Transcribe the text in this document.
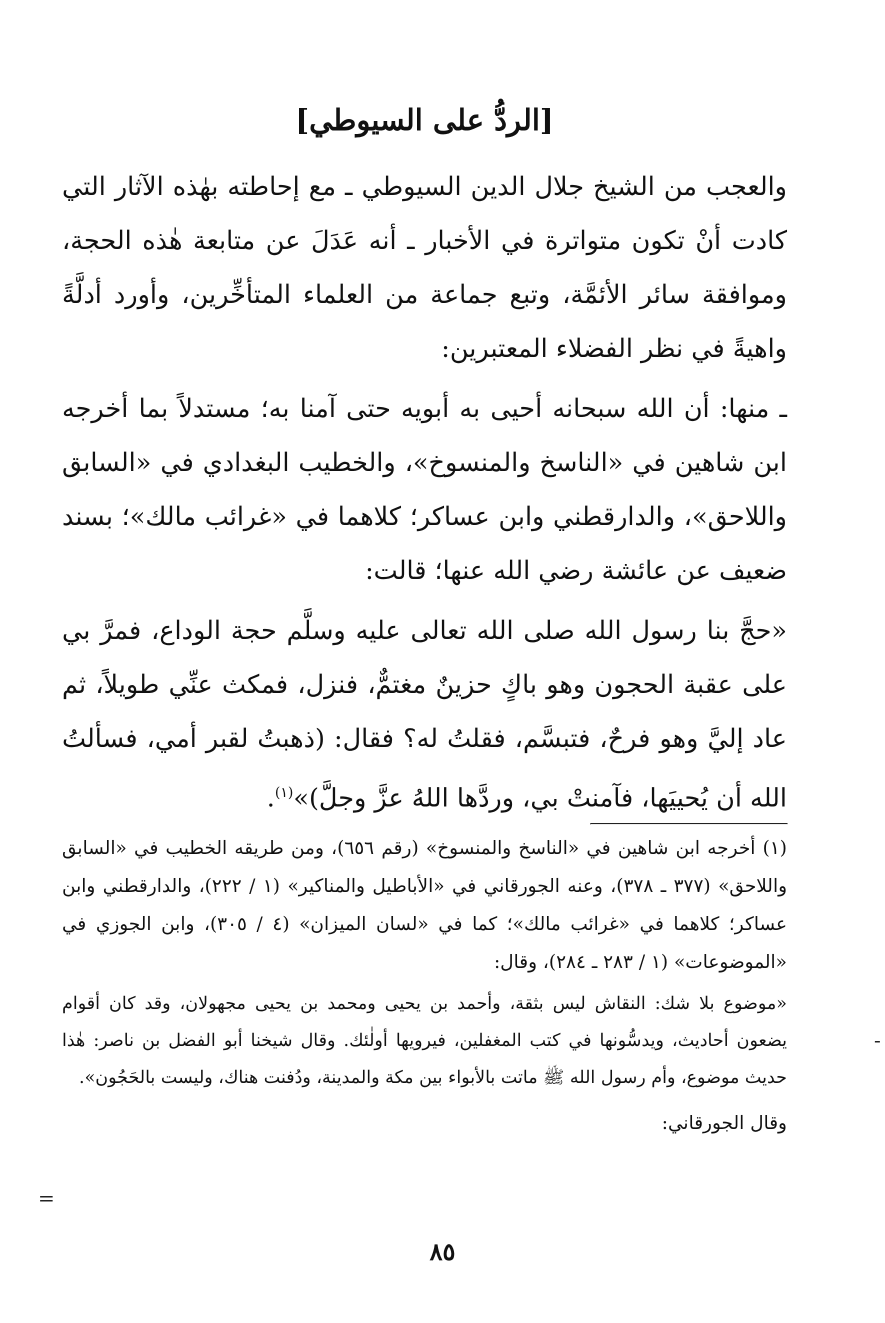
[الردُّ على السيوطي]

والعجب من الشيخ جلال الدين السيوطي ـ مع إحاطته بهٰذه الآثار التي كادت أنْ تكون متواترة في الأخبار ـ أنه عَدَلَ عن متابعة هٰذه الحجة، وموافقة سائر الأئمَّة، وتبع جماعة من العلماء المتأخِّرين، وأورد أدلَّةً واهيةً في نظر الفضلاء المعتبرين:

ـ منها: أن الله سبحانه أحيى به أبويه حتى آمنا به؛ مستدلاً بما أخرجه ابن شاهين في «الناسخ والمنسوخ»، والخطيب البغدادي في «السابق واللاحق»، والدارقطني وابن عساكر؛ كلاهما في «غرائب مالك»؛ بسند ضعيف عن عائشة رضي الله عنها؛ قالت:

«حجَّ بنا رسول الله صلى الله تعالى عليه وسلَّم حجة الوداع، فمرَّ بي على عقبة الحجون وهو باكٍ حزينٌ مغتمٌّ، فنزل، فمكث عنِّي طويلاً، ثم عاد إليَّ وهو فرحٌ، فتبسَّم، فقلتُ له؟ فقال: (ذهبتُ لقبر أمي، فسألتُ الله أن يُحييَها، فآمنتْ بي، وردَّها اللهُ عزَّ وجلَّ)»$^{(١)}$.

(١) أخرجه ابن شاهين في «الناسخ والمنسوخ» (رقم ٦٥٦)، ومن طريقه الخطيب في «السابق واللاحق» (٣٧٧ ـ ٣٧٨)، وعنه الجورقاني في «الأباطيل والمناكير» (١ / ٢٢٢)، والدارقطني وابن عساكر؛ كلاهما في «غرائب مالك»؛ كما في «لسان الميزان» (٤ / ٣٠٥)، وابن الجوزي في «الموضوعات» (١ / ٢٨٣ ـ ٢٨٤)، وقال:

«موضوع بلا شك: النقاش ليس بثقة، وأحمد بن يحيى ومحمد بن يحيى مجهولان، وقد كان أقوام يضعون أحاديث، ويدسُّونها في كتب المغفلين، فيرويها أولٰئك. وقال شيخنا أبو الفضل بن ناصر: هٰذا حديث موضوع، وأم رسول الله ﷺ ماتت بالأبواء بين مكة والمدينة، ودُفنت هناك، وليست بالحَجُون».

وقال الجورقاني:

٨٥
=
-
